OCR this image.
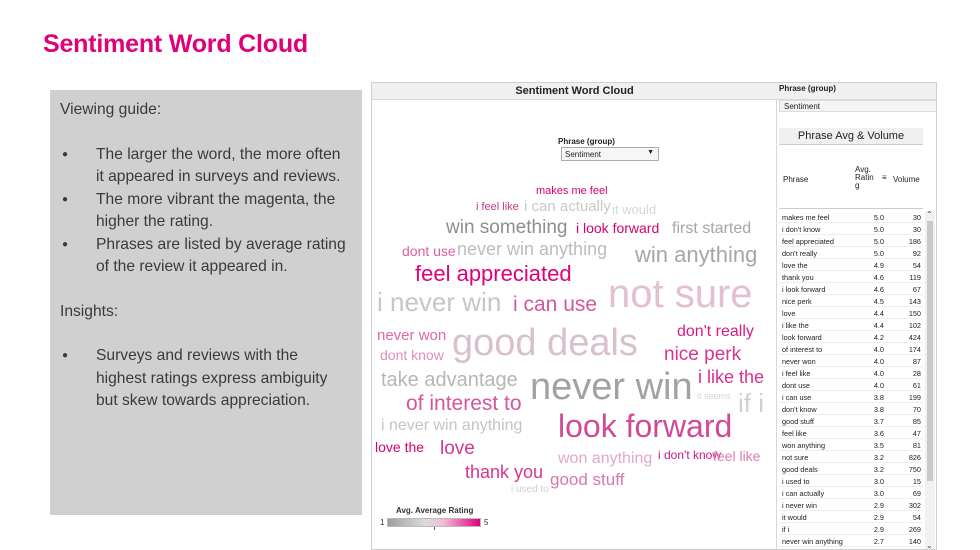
Sentiment Word Cloud
Viewing guide:
● The larger the word, the more often it appeared in surveys and reviews.
● The more vibrant the magenta, the higher the rating.
● Phrases are listed by average rating of the review it appeared in.
Insights:
● Surveys and reviews with the highest ratings express ambiguity but skew towards appreciation.
Sentiment Word Cloud
Phrase (group)
Sentiment	▼
makes me feel
i feel like i can actually it would
win something i look forward first started
dont use never win anything win anything
feel appreciated not sure
i never win i can use
never won good deals don't really
dont know	nice perk
take advantage never win i like the
of interest to	it seems if i
i never win anything look forward
love the love	won anything i don't know
feel like
thank you good stuff
i used to
Avg. Average Rating
1	5
Phrase (group)
Sentiment
Phrase Avg & Volume
Phrase
Avg. Ratin g
≡ Volume
makes me feel	5.0	30
i don't know	5.0	30
feel appreciated	5.0	186
don't really	5.0	92
love the	4.9	54
thank you	4.6	119
i look forward	4.6	67
nice perk	4.5	143
love	4.4	150
i like the	4.4	102
look forward	4.2	424
of interest to	4.0	174
never won	4.0	87
i feel like	4.0	28
dont use	4.0	61
i can use	3.8	199
don't know	3.8	70
good stuff	3.7	85
feel like	3.6	47
won anything	3.5	81
not sure	3.2	826
good deals	3.2	750
i used to	3.0	15
i can actually	3.0	69
i never win	2.9	302
it would	2.9	54
if i	2.9	269
never win anything	2.7	140
⌃
⌄
